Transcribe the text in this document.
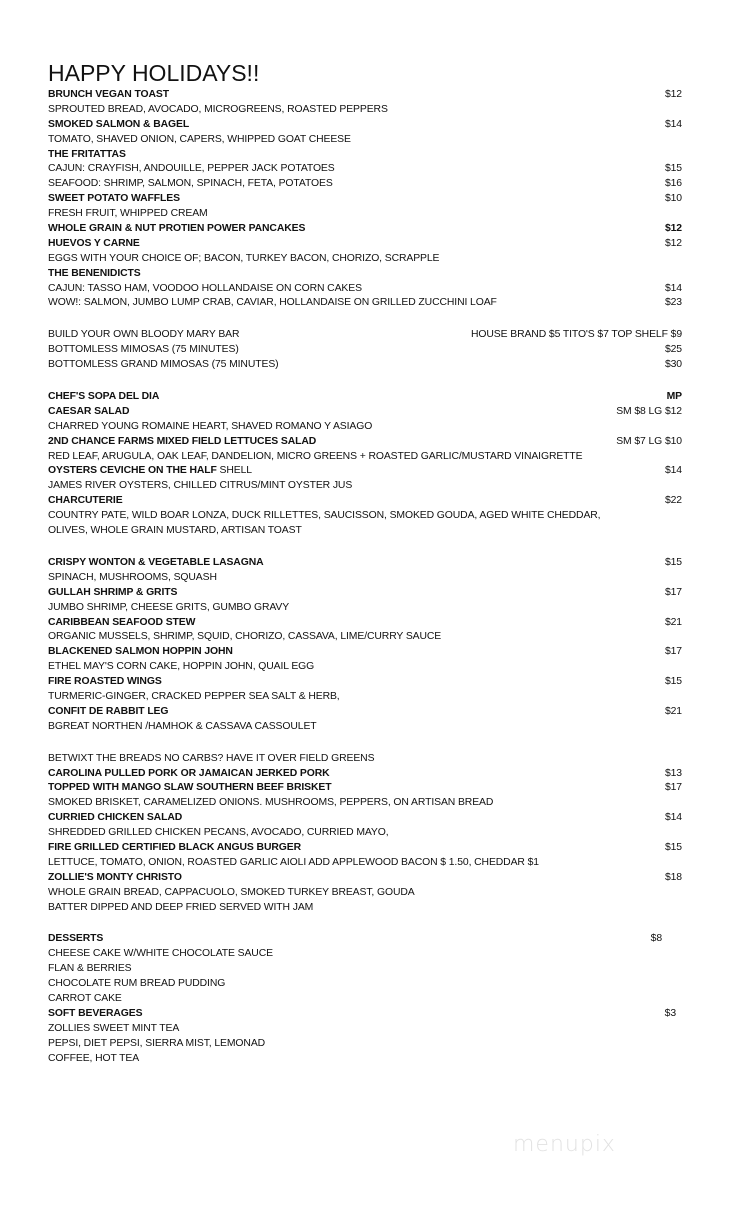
HAPPY HOLIDAYS!!
BRUNCH VEGAN TOAST	$12
SPROUTED BREAD, AVOCADO, MICROGREENS, ROASTED PEPPERS
SMOKED SALMON & BAGEL	$14
TOMATO, SHAVED ONION, CAPERS, WHIPPED GOAT CHEESE
THE FRITATTAS
CAJUN: CRAYFISH, ANDOUILLE, PEPPER JACK POTATOES	$15
SEAFOOD: SHRIMP, SALMON, SPINACH, FETA, POTATOES	$16
SWEET POTATO WAFFLES	$10
FRESH FRUIT, WHIPPED CREAM
WHOLE GRAIN & NUT PROTIEN POWER PANCAKES	$12
HUEVOS Y CARNE	$12
EGGS WITH YOUR CHOICE OF; BACON, TURKEY BACON, CHORIZO, SCRAPPLE
THE BENENIDICTS
CAJUN: TASSO HAM, VOODOO HOLLANDAISE ON CORN CAKES	$14
WOW!: SALMON, JUMBO LUMP CRAB, CAVIAR, HOLLANDAISE ON GRILLED ZUCCHINI LOAF	$23
BUILD YOUR OWN BLOODY MARY BAR	HOUSE BRAND $5 TITO'S $7 TOP SHELF $9
BOTTOMLESS MIMOSAS (75 MINUTES)	$25
BOTTOMLESS GRAND MIMOSAS (75 MINUTES)	$30
CHEF'S SOPA DEL DIA	MP
CAESAR SALAD	SM $8 LG $12
CHARRED YOUNG ROMAINE HEART, SHAVED ROMANO Y ASIAGO
2ND CHANCE FARMS MIXED FIELD LETTUCES SALAD	SM $7 LG $10
RED LEAF, ARUGULA, OAK LEAF, DANDELION, MICRO GREENS + ROASTED GARLIC/MUSTARD VINAIGRETTE
OYSTERS CEVICHE ON THE HALF SHELL	$14
JAMES RIVER OYSTERS, CHILLED CITRUS/MINT OYSTER JUS
CHARCUTERIE	$22
COUNTRY PATE, WILD BOAR LONZA, DUCK RILLETTES, SAUCISSON, SMOKED GOUDA, AGED WHITE CHEDDAR,
OLIVES, WHOLE GRAIN MUSTARD, ARTISAN TOAST
CRISPY WONTON & VEGETABLE LASAGNA	$15
SPINACH, MUSHROOMS, SQUASH
GULLAH SHRIMP & GRITS	$17
JUMBO SHRIMP, CHEESE GRITS, GUMBO GRAVY
CARIBBEAN SEAFOOD STEW	$21
ORGANIC MUSSELS, SHRIMP, SQUID, CHORIZO, CASSAVA, LIME/CURRY SAUCE
BLACKENED SALMON HOPPIN JOHN	$17
ETHEL MAY'S CORN CAKE, HOPPIN JOHN, QUAIL EGG
FIRE ROASTED WINGS	$15
TURMERIC-GINGER, CRACKED PEPPER SEA SALT & HERB,
CONFIT DE RABBIT LEG	$21
BGREAT NORTHEN /HAMHOK & CASSAVA CASSOULET
BETWIXT THE BREADS NO CARBS? HAVE IT OVER FIELD GREENS
CAROLINA PULLED PORK OR JAMAICAN JERKED PORK	$13
TOPPED WITH MANGO SLAW SOUTHERN BEEF BRISKET	$17
SMOKED BRISKET, CARAMELIZED ONIONS. MUSHROOMS, PEPPERS, ON ARTISAN BREAD
CURRIED CHICKEN SALAD	$14
SHREDDED GRILLED CHICKEN PECANS, AVOCADO, CURRIED MAYO,
FIRE GRILLED CERTIFIED BLACK ANGUS BURGER	$15
LETTUCE, TOMATO, ONION, ROASTED GARLIC AIOLI ADD APPLEWOOD BACON $ 1.50, CHEDDAR $1
ZOLLIE'S MONTY CHRISTO	$18
WHOLE GRAIN BREAD, CAPPACUOLO, SMOKED TURKEY BREAST, GOUDA
BATTER DIPPED AND DEEP FRIED SERVED WITH JAM
DESSERTS	$8
CHEESE CAKE W/WHITE CHOCOLATE SAUCE
FLAN & BERRIES
CHOCOLATE RUM BREAD PUDDING
CARROT CAKE
SOFT BEVERAGES	$3
ZOLLIES SWEET MINT TEA
PEPSI, DIET PEPSI, SIERRA MIST, LEMONAD
COFFEE, HOT TEA
menupix
